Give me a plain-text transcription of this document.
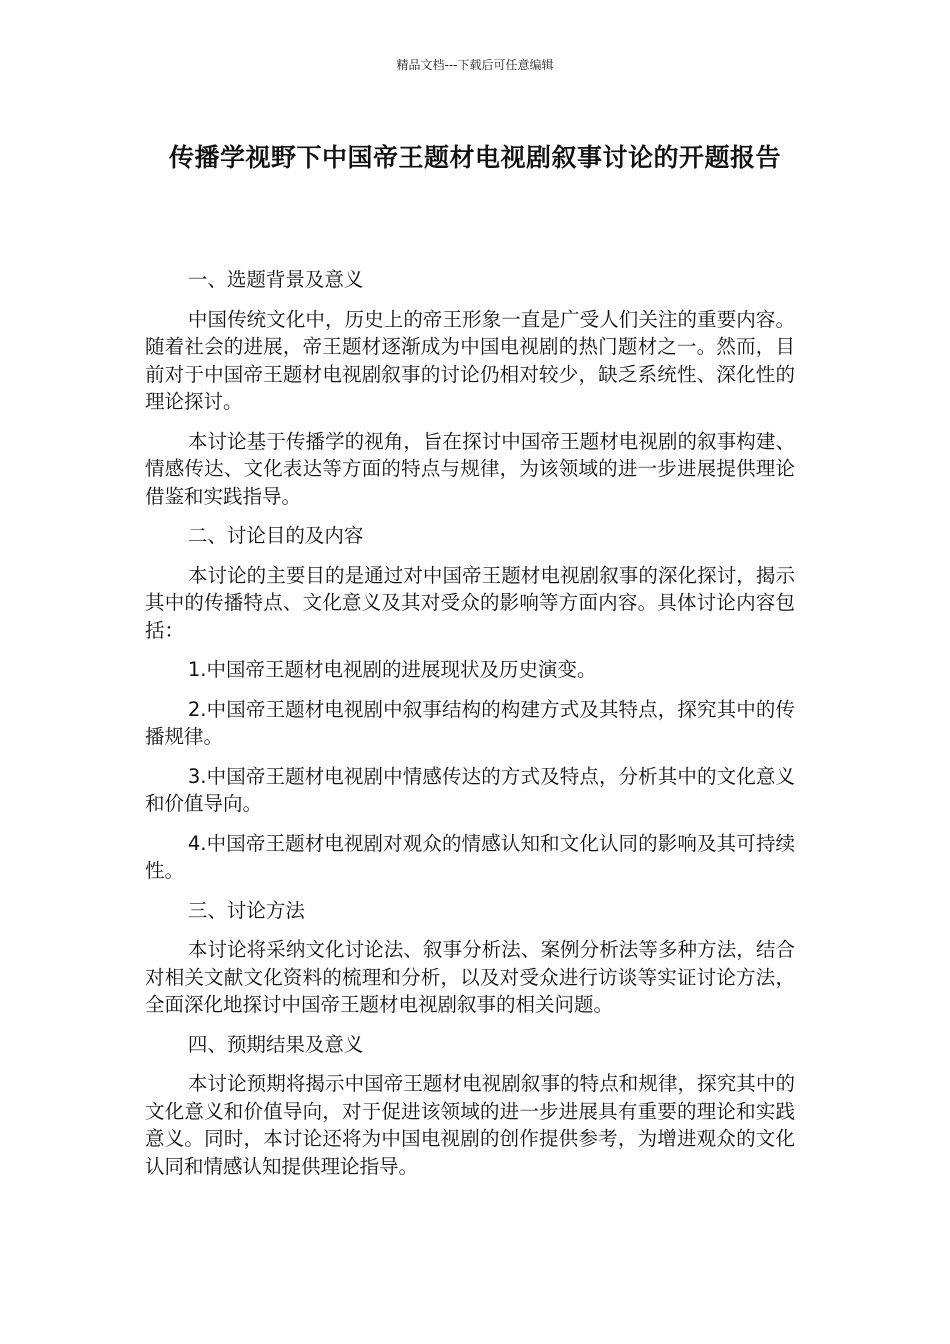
精品文档---下载后可任意编辑
传播学视野下中国帝王题材电视剧叙事讨论的开题报告

一、选题背景及意义

中国传统文化中，历史上的帝王形象一直是广受人们关注的重要内容。随着社会的进展，帝王题材逐渐成为中国电视剧的热门题材之一。然而，目前对于中国帝王题材电视剧叙事的讨论仍相对较少，缺乏系统性、深化性的理论探讨。

本讨论基于传播学的视角，旨在探讨中国帝王题材电视剧的叙事构建、情感传达、文化表达等方面的特点与规律，为该领域的进一步进展提供理论借鉴和实践指导。

二、讨论目的及内容

本讨论的主要目的是通过对中国帝王题材电视剧叙事的深化探讨，揭示其中的传播特点、文化意义及其对受众的影响等方面内容。具体讨论内容包括：

1.中国帝王题材电视剧的进展现状及历史演变。

2.中国帝王题材电视剧中叙事结构的构建方式及其特点，探究其中的传播规律。

3.中国帝王题材电视剧中情感传达的方式及特点，分析其中的文化意义和价值导向。

4.中国帝王题材电视剧对观众的情感认知和文化认同的影响及其可持续性。

三、讨论方法

本讨论将采纳文化讨论法、叙事分析法、案例分析法等多种方法，结合对相关文献文化资料的梳理和分析，以及对受众进行访谈等实证讨论方法，全面深化地探讨中国帝王题材电视剧叙事的相关问题。

四、预期结果及意义

本讨论预期将揭示中国帝王题材电视剧叙事的特点和规律，探究其中的文化意义和价值导向，对于促进该领域的进一步进展具有重要的理论和实践意义。同时，本讨论还将为中国电视剧的创作提供参考，为增进观众的文化认同和情感认知提供理论指导。
